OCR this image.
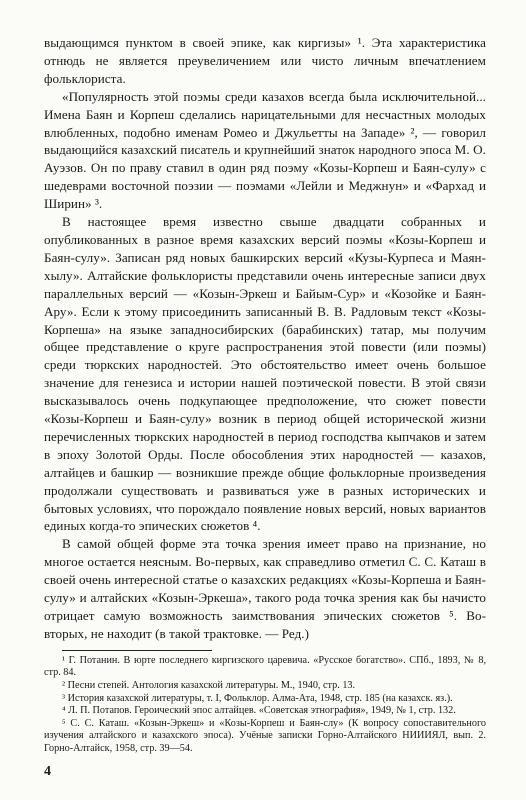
выдающимся пунктом в своей эпике, как киргизы» ¹. Эта характеристика отнюдь не является преувеличением или чисто личным впечатлением фольклориста.

«Популярность этой поэмы среди казахов всегда была исключительной... Имена Баян и Корпеш сделались нарицательными для несчастных молодых влюбленных, подобно именам Ромео и Джульетты на Западе» ², — говорил выдающийся казахский писатель и крупнейший знаток народного эпоса М. О. Ауэзов. Он по праву ставил в один ряд поэму «Козы-Корпеш и Баян-сулу» с шедеврами восточной поэзии — поэмами «Лейли и Меджнун» и «Фархад и Ширин» ³.

В настоящее время известно свыше двадцати собранных и опубликованных в разное время казахских версий поэмы «Козы-Корпеш и Баян-сулу». Записан ряд новых башкирских версий «Кузы-Курпеса и Маян-хылу». Алтайские фольклористы представили очень интересные записи двух параллельных версий — «Козын-Эркеш и Байым-Сур» и «Козойке и Баян-Ару». Если к этому присоединить записанный В. В. Радловым текст «Козы-Корпеша» на языке западносибирских (барабинских) татар, мы получим общее представление о круге распространения этой повести (или поэмы) среди тюркских народностей. Это обстоятельство имеет очень большое значение для генезиса и истории нашей поэтической повести. В этой связи высказывалось очень подкупающее предположение, что сюжет повести «Козы-Корпеш и Баян-сулу» возник в период общей исторической жизни перечисленных тюркских народностей в период господства кыпчаков и затем в эпоху Золотой Орды. После обособления этих народностей — казахов, алтайцев и башкир — возникшие прежде общие фольклорные произведения продолжали существовать и развиваться уже в разных исторических и бытовых условиях, что порождало появление новых версий, новых вариантов единых когда-то эпических сюжетов ⁴.

В самой общей форме эта точка зрения имеет право на признание, но многое остается неясным. Во-первых, как справедливо отметил С. С. Каташ в своей очень интересной статье о казахских редакциях «Козы-Корпеша и Баян-сулу» и алтайских «Козын-Эркеша», такого рода точка зрения как бы начисто отрицает самую возможность заимствования эпических сюжетов ⁵. Во-вторых, не находит (в такой трактовке. — Ред.)

¹ Г. Потанин. В юрте последнего киргизского царевича. «Русское богатство». СПб., 1893, № 8, стр. 84.

² Песни степей. Антология казахской литературы. М., 1940, стр. 13.

³ История казахской литературы, т. I, Фольклор. Алма-Ата, 1948, стр. 185 (на казахск. яз.).

⁴ Л. П. Потапов. Героический эпос алтайцев. «Советская этнография», 1949, № 1, стр. 132.

⁵ С. С. Каташ. «Козын-Эркеш» и «Козы-Корпеш и Баян-слу» (К вопросу сопоставительного изучения алтайского и казахского эпоса). Учёные записки Горно-Алтайского НИИИЯЛ, вып. 2. Горно-Алтайск, 1958, стр. 39—54.

4
